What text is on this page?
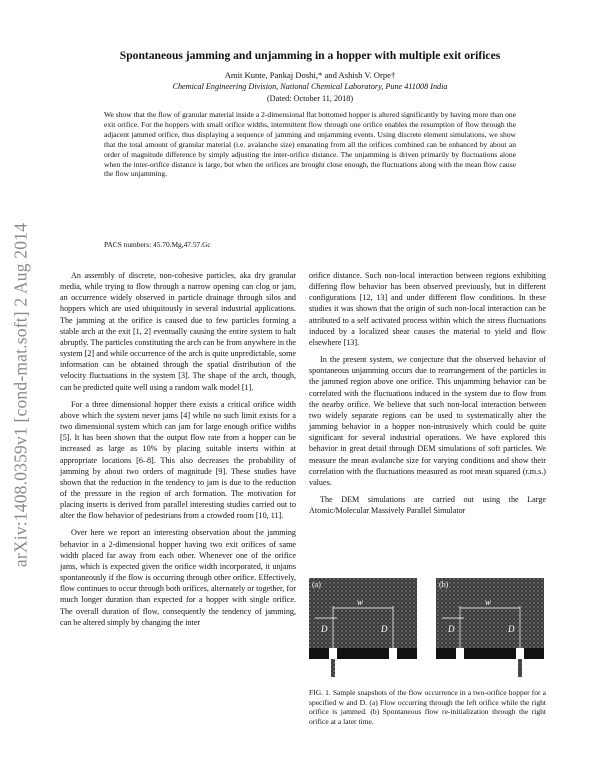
arXiv:1408.0359v1 [cond-mat.soft] 2 Aug 2014
Spontaneous jamming and unjamming in a hopper with multiple exit orifices
Amit Kunte, Pankaj Doshi,* and Ashish V. Orpe†
Chemical Engineering Division, National Chemical Laboratory, Pune 411008 India
(Dated: October 11, 2018)
We show that the flow of granular material inside a 2-dimensional flat bottomed hopper is altered significantly by having more than one exit orifice. For the hoppers with small orifice widths, intermittent flow through one orifice enables the resumption of flow through the adjacent jammed orifice, thus displaying a sequence of jamming and unjamming events. Using discrete element simulations, we show that the total amount of granular material (i.e. avalanche size) emanating from all the orifices combined can be enhanced by about an order of magnitude difference by simply adjusting the inter-orifice distance. The unjamming is driven primarily by fluctuations alone when the inter-orifice distance is large, but when the orifices are brought close enough, the fluctuations along with the mean flow cause the flow unjamming.
PACS numbers: 45.70.Mg,47.57.Gc

An assembly of discrete, non-cohesive particles, aka dry granular media, while trying to flow through a narrow opening can clog or jam, an occurrence widely observed in particle drainage through silos and hoppers which are used ubiquitously in several industrial applications. The jamming at the orifice is caused due to few particles forming a stable arch at the exit [1, 2] eventually causing the entire system to halt abruptly. The particles constituting the arch can be from anywhere in the system [2] and while occurrence of the arch is quite unpredictable, some information can be obtained through the spatial distribution of the velocity fluctuations in the system [3]. The shape of the arch, though, can be predicted quite well using a random walk model [1].

For a three dimensional hopper there exists a critical orifice width above which the system never jams [4] while no such limit exists for a two dimensional system which can jam for large enough orifice widths [5]. It has been shown that the output flow rate from a hopper can be increased as large as 10% by placing suitable inserts within at appropriate locations [6–8]. This also decreases the probability of jamming by about two orders of magnitude [9]. These studies have shown that the reduction in the tendency to jam is due to the reduction of the pressure in the region of arch formation. The motivation for placing inserts is derived from parallel interesting studies carried out to alter the flow behavior of pedestrians from a crowded room [10, 11].

Over here we report an interesting observation about the jamming behavior in a 2-dimensional hopper having two exit orifices of same width placed far away from each other. Whenever one of the orifice jams, which is expected given the orifice width incorporated, it unjams spontaneously if the flow is occurring through other orifice. Effectively, flow continues to occur through both orifices, alternately or together, for much longer duration than expected for a hopper with single orifice. The overall duration of flow, consequently the tendency of jamming, can be altered simply by changing the inter

orifice distance. Such non-local interaction between regions exhibiting differing flow behavior has been observed previously, but in different configurations [12, 13] and under different flow conditions. In these studies it was shown that the origin of such non-local interaction can be attributed to a self activated process within which the stress fluctuations induced by a localized shear causes the material to yield and flow elsewhere [13].

In the present system, we conjecture that the observed behavior of spontaneous unjamming occurs due to rearrangement of the particles in the jammed region above one orifice. This unjamming behavior can be correlated with the fluctuations induced in the system due to flow from the nearby orifice. We believe that such non-local interaction between two widely separate regions can be used to systematically alter the jamming behavior in a hopper non-intrusively which could be quite significant for several industrial operations. We have explored this behavior in great detail through DEM simulations of soft particles. We measure the mean avalanche size for varying conditions and show their correlation with the fluctuations measured as root mean squared (r.m.s.) values.

The DEM simulations are carried out using the Large Atomic/Molecular Massively Parallel Simulator

w
D	D
(a)
w
D	D
(b)
FIG. 1. Sample snapshots of the flow occurrence in a two-orifice hopper for a specified w and D. (a) Flow occurring through the left orifice while the right orifice is jammed. (b) Spontaneous flow re-initialization through the right orifice at a later time.
